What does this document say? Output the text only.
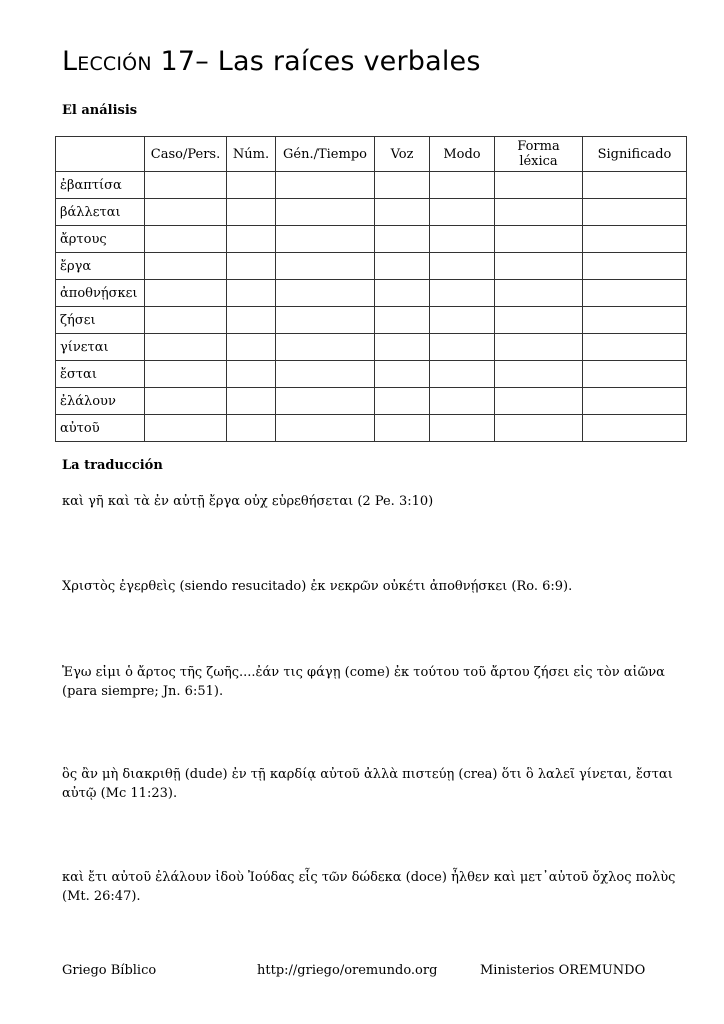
Lección 17– Las raíces verbales
El análisis
	Caso/Pers.	Núm.	Gén./Tiempo	Voz	Modo	Forma léxica	Significado
ἐβαπτίσα							
βάλλεται							
ἄρτους							
ἔργα							
ἀποθνῄσκει							
ζήσει							
γίνεται							
ἔσται							
ἐλάλουν							
αὐτοῦ							
La traducción
καὶ γῆ καὶ τὰ ἐν αὐτῇ ἔργα οὐχ εὑρεθήσεται (2 Pe. 3:10)
Χριστὸς ἐγερθεὶς (siendo resucitado) ἐκ νεκρῶν οὐκέτι ἀποθνῄσκει (Ro. 6:9).
Ἐγω εἰμι ὁ ἄρτος τῆς ζωῆς....ἐάν τις φάγῃ (come) ἐκ τούτου τοῦ ἄρτου ζήσει εἰς τὸν αἰῶνα (para siempre; Jn. 6:51).
ὃς ἂν μὴ διακριθῇ (dude) ἐν τῇ καρδίᾳ αὐτοῦ ἀλλὰ πιστεύῃ (crea) ὅτι ὃ λαλεῖ γίνεται, ἔσται αὐτῷ (Mc 11:23).
καὶ ἔτι αὐτοῦ ἐλάλουν ἰδοὺ Ἰούδας εἷς τῶν δώδεκα (doce) ἦλθεν καὶ μετ᾽αὐτοῦ ὄχλος πολὺς (Mt. 26:47).
Griego Bíblico	http://griego/oremundo.org	Ministerios OREMUNDO
